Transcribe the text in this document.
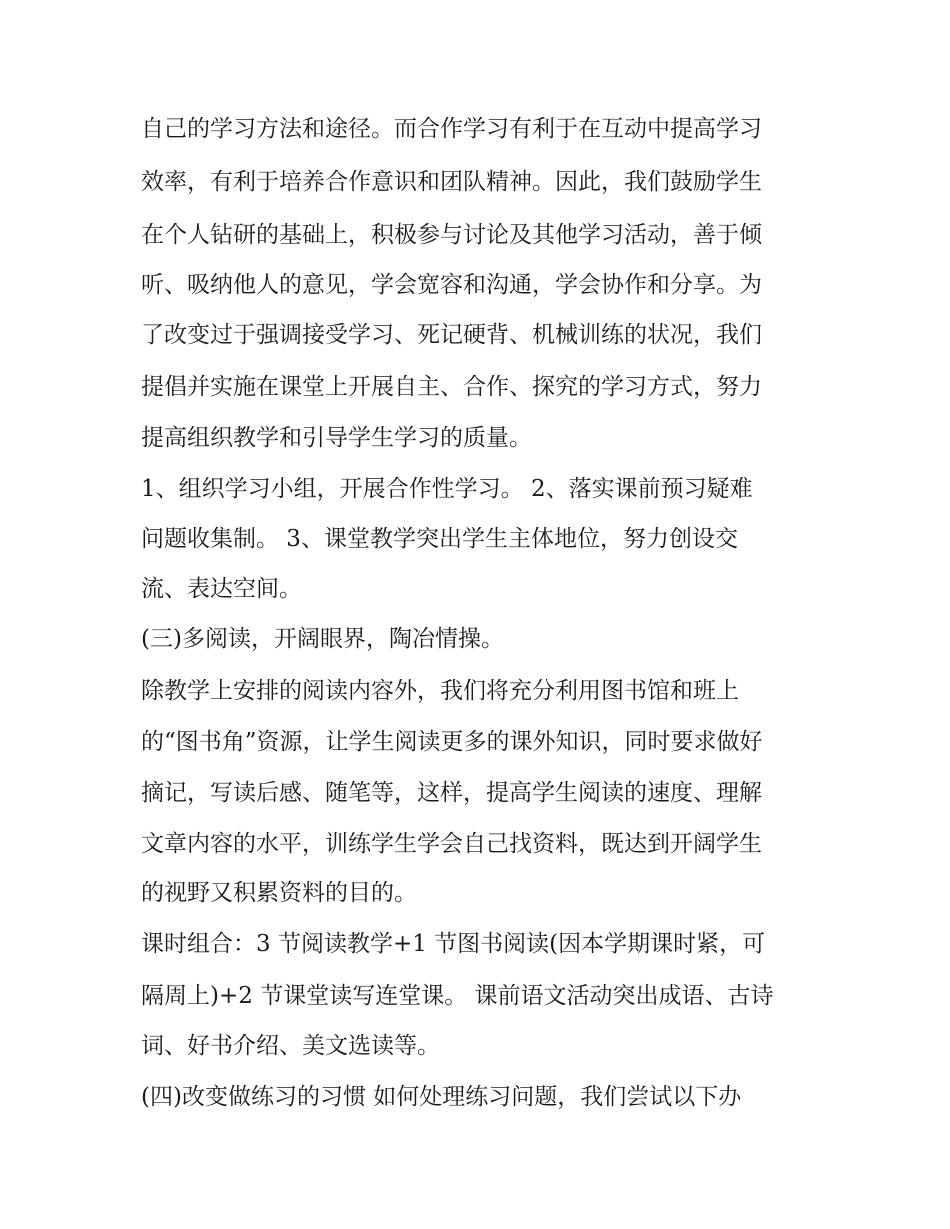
自己的学习方法和途径。而合作学习有利于在互动中提高学习

效率，有利于培养合作意识和团队精神。因此，我们鼓励学生

在个人钻研的基础上，积极参与讨论及其他学习活动，善于倾

听、吸纳他人的意见，学会宽容和沟通，学会协作和分享。为

了改变过于强调接受学习、死记硬背、机械训练的状况，我们

提倡并实施在课堂上开展自主、合作、探究的学习方式，努力

提高组织教学和引导学生学习的质量。

1、组织学习小组，开展合作性学习。 2、落实课前预习疑难

问题收集制。 3、课堂教学突出学生主体地位，努力创设交

流、表达空间。

(三)多阅读，开阔眼界，陶冶情操。

除教学上安排的阅读内容外，我们将充分利用图书馆和班上

的“图书角”资源，让学生阅读更多的课外知识，同时要求做好

摘记，写读后感、随笔等，这样，提高学生阅读的速度、理解

文章内容的水平，训练学生学会自己找资料，既达到开阔学生

的视野又积累资料的目的。

课时组合：3 节阅读教学+1 节图书阅读(因本学期课时紧，可

隔周上)+2 节课堂读写连堂课。 课前语文活动突出成语、古诗

词、好书介绍、美文选读等。

(四)改变做练习的习惯 如何处理练习问题，我们尝试以下办
